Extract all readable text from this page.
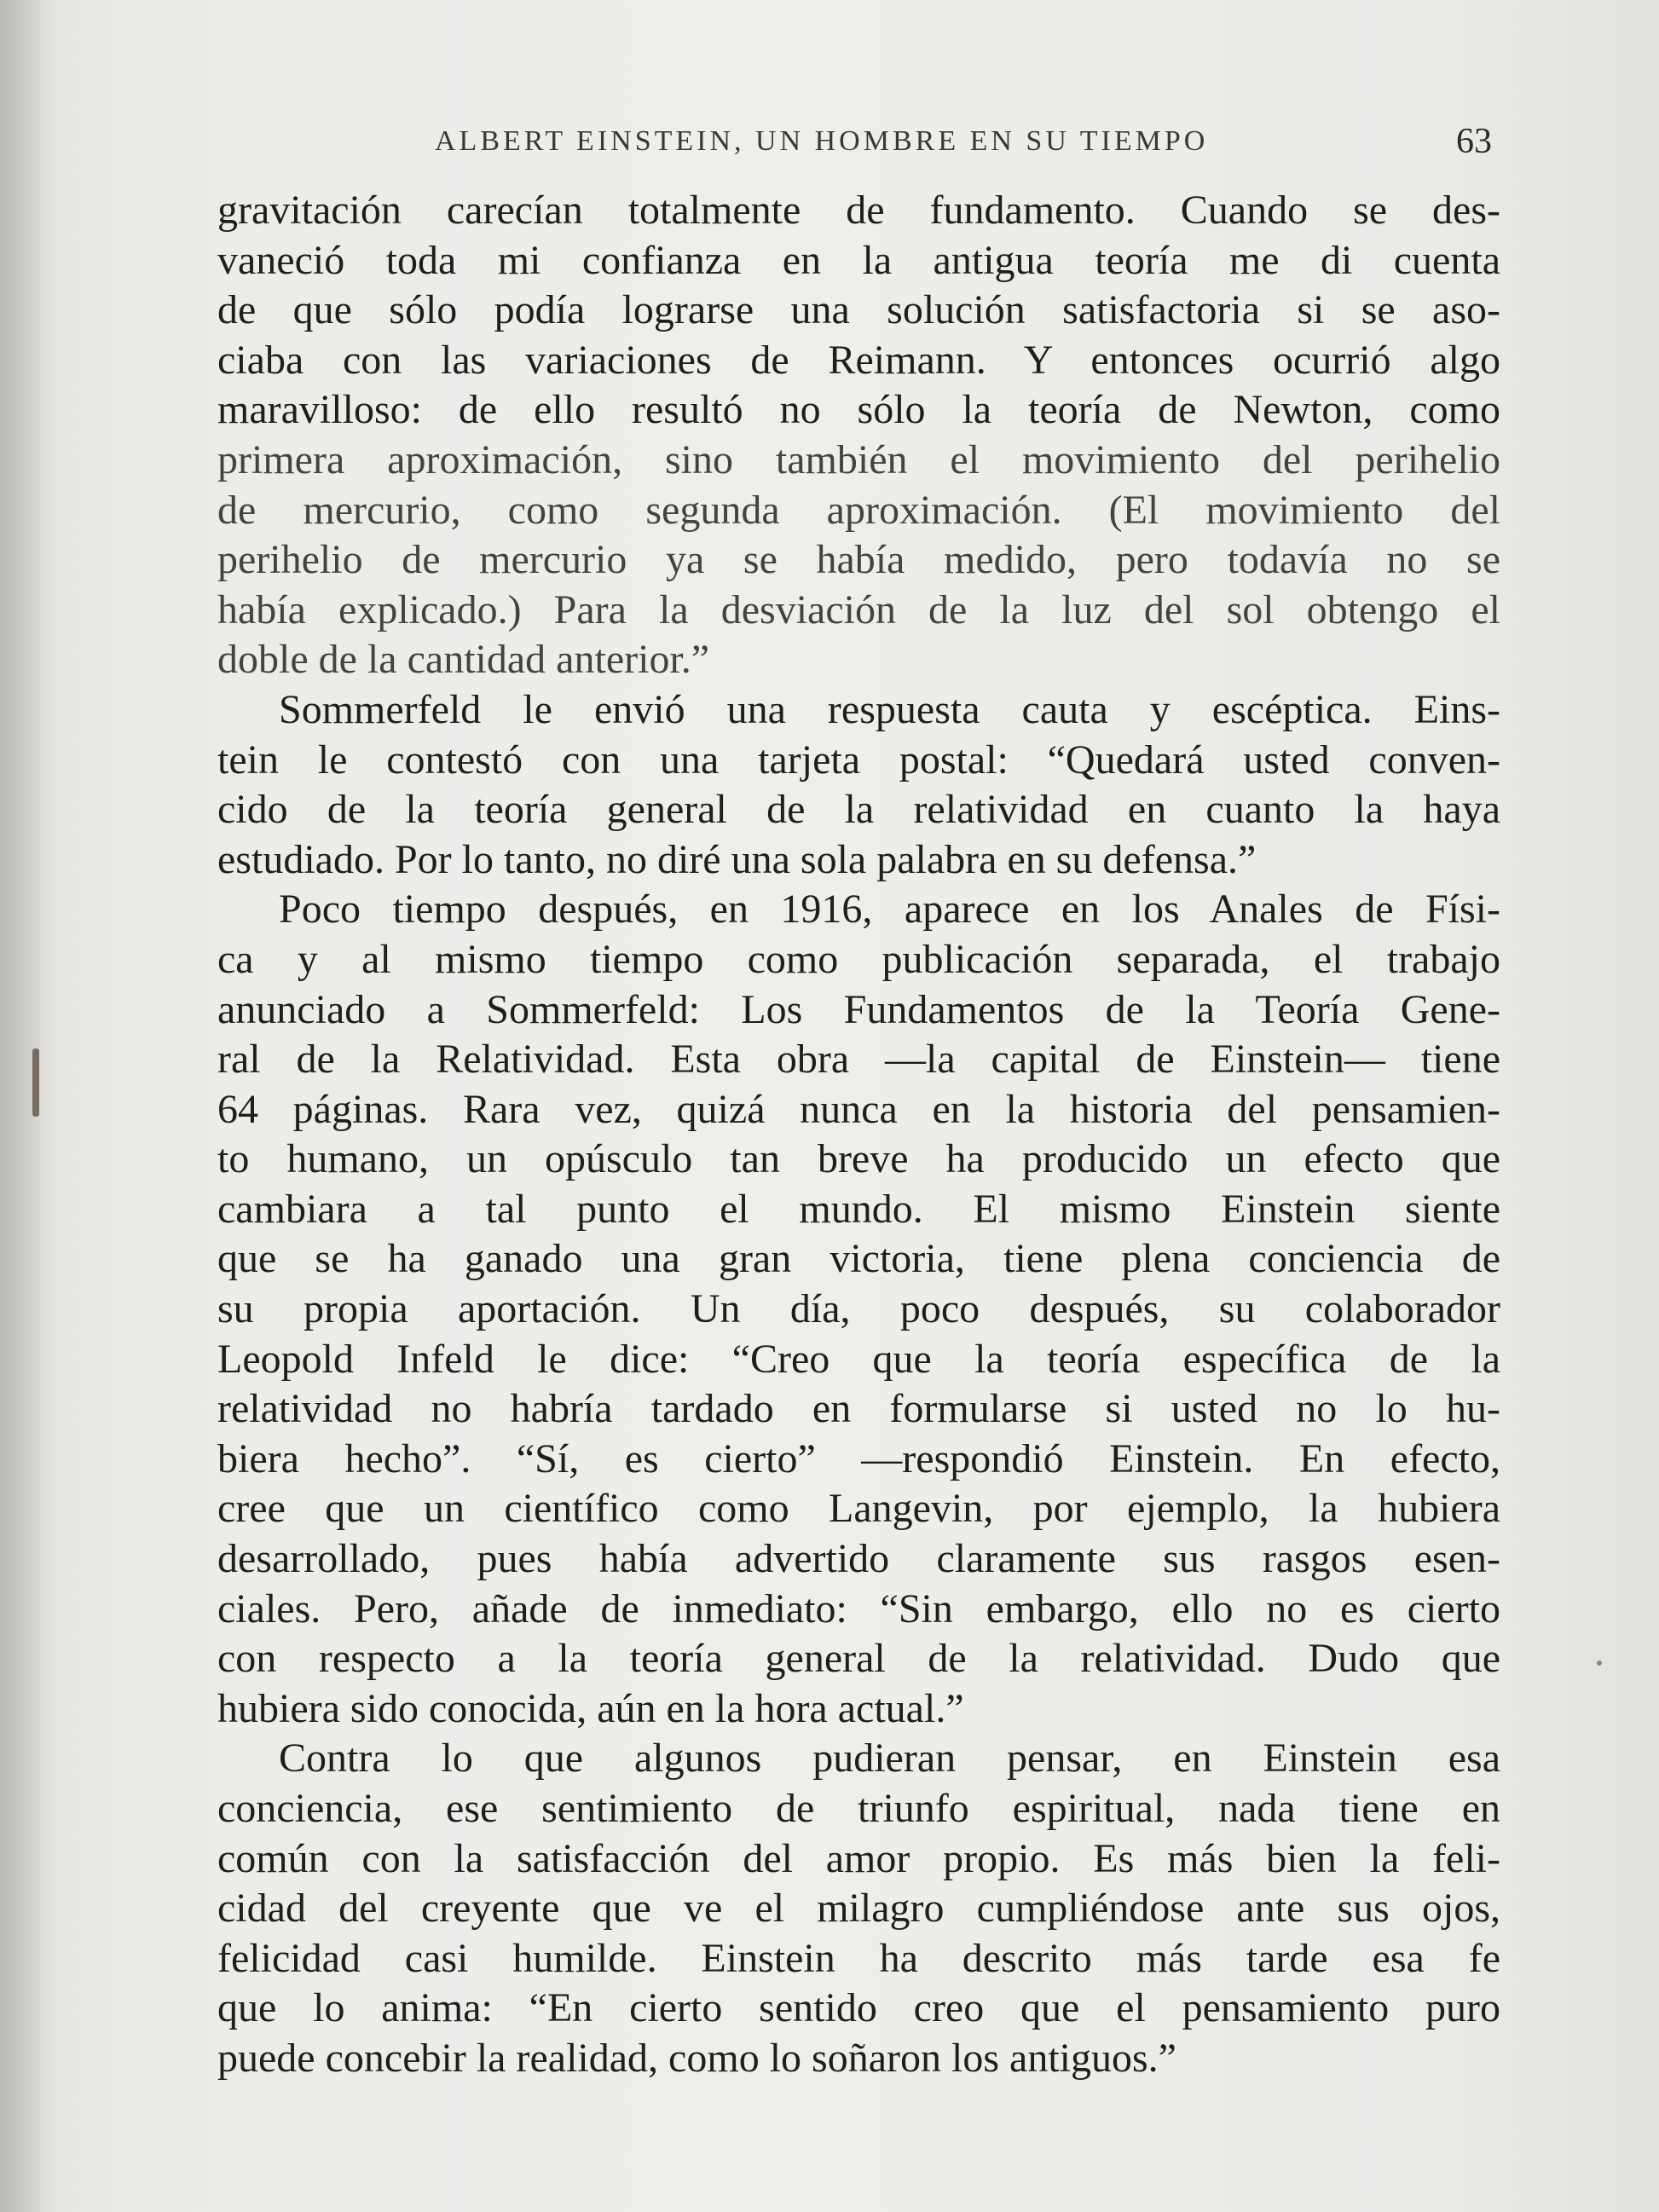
ALBERT EINSTEIN, UN HOMBRE EN SU TIEMPO	63
gravitación carecían totalmente de fundamento. Cuando se des-
vaneció toda mi confianza en la antigua teoría me di cuenta
de que sólo podía lograrse una solución satisfactoria si se aso-
ciaba con las variaciones de Reimann. Y entonces ocurrió algo
maravilloso: de ello resultó no sólo la teoría de Newton, como
primera aproximación, sino también el movimiento del perihelio
de mercurio, como segunda aproximación. (El movimiento del
perihelio de mercurio ya se había medido, pero todavía no se
había explicado.) Para la desviación de la luz del sol obtengo el
doble de la cantidad anterior.”
Sommerfeld le envió una respuesta cauta y escéptica. Eins-
tein le contestó con una tarjeta postal: “Quedará usted conven-
cido de la teoría general de la relatividad en cuanto la haya
estudiado. Por lo tanto, no diré una sola palabra en su defensa.”
Poco tiempo después, en 1916, aparece en los Anales de Físi-
ca y al mismo tiempo como publicación separada, el trabajo
anunciado a Sommerfeld: Los Fundamentos de la Teoría Gene-
ral de la Relatividad. Esta obra —la capital de Einstein— tiene
64 páginas. Rara vez, quizá nunca en la historia del pensamien-
to humano, un opúsculo tan breve ha producido un efecto que
cambiara a tal punto el mundo. El mismo Einstein siente
que se ha ganado una gran victoria, tiene plena conciencia de
su propia aportación. Un día, poco después, su colaborador
Leopold Infeld le dice: “Creo que la teoría específica de la
relatividad no habría tardado en formularse si usted no lo hu-
biera hecho”. “Sí, es cierto” —respondió Einstein. En efecto,
cree que un científico como Langevin, por ejemplo, la hubiera
desarrollado, pues había advertido claramente sus rasgos esen-
ciales. Pero, añade de inmediato: “Sin embargo, ello no es cierto
con respecto a la teoría general de la relatividad. Dudo que
hubiera sido conocida, aún en la hora actual.”
Contra lo que algunos pudieran pensar, en Einstein esa
conciencia, ese sentimiento de triunfo espiritual, nada tiene en
común con la satisfacción del amor propio. Es más bien la feli-
cidad del creyente que ve el milagro cumpliéndose ante sus ojos,
felicidad casi humilde. Einstein ha descrito más tarde esa fe
que lo anima: “En cierto sentido creo que el pensamiento puro
puede concebir la realidad, como lo soñaron los antiguos.”
